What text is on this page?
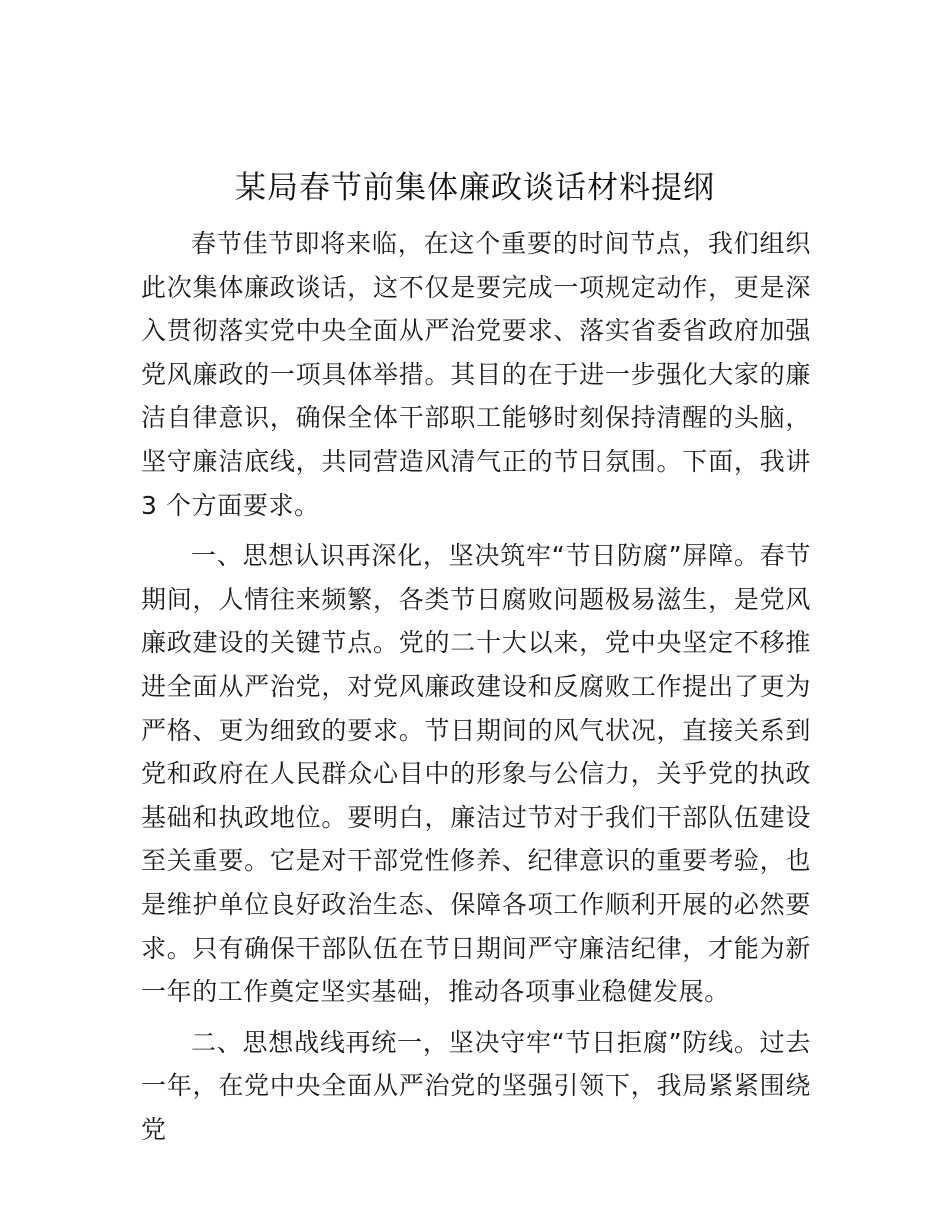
某局春节前集体廉政谈话材料提纲

春节佳节即将来临，在这个重要的时间节点，我们组织此次集体廉政谈话，这不仅是要完成一项规定动作，更是深入贯彻落实党中央全面从严治党要求、落实省委省政府加强党风廉政的一项具体举措。其目的在于进一步强化大家的廉洁自律意识，确保全体干部职工能够时刻保持清醒的头脑，坚守廉洁底线，共同营造风清气正的节日氛围。下面，我讲 3 个方面要求。

一、思想认识再深化，坚决筑牢“节日防腐”屏障。春节期间，人情往来频繁，各类节日腐败问题极易滋生，是党风廉政建设的关键节点。党的二十大以来，党中央坚定不移推进全面从严治党，对党风廉政建设和反腐败工作提出了更为严格、更为细致的要求。节日期间的风气状况，直接关系到党和政府在人民群众心目中的形象与公信力，关乎党的执政基础和执政地位。要明白，廉洁过节对于我们干部队伍建设至关重要。它是对干部党性修养、纪律意识的重要考验，也是维护单位良好政治生态、保障各项工作顺利开展的必然要求。只有确保干部队伍在节日期间严守廉洁纪律，才能为新一年的工作奠定坚实基础，推动各项事业稳健发展。

二、思想战线再统一，坚决守牢“节日拒腐”防线。过去一年，在党中央全面从严治党的坚强引领下，我局紧紧围绕党
